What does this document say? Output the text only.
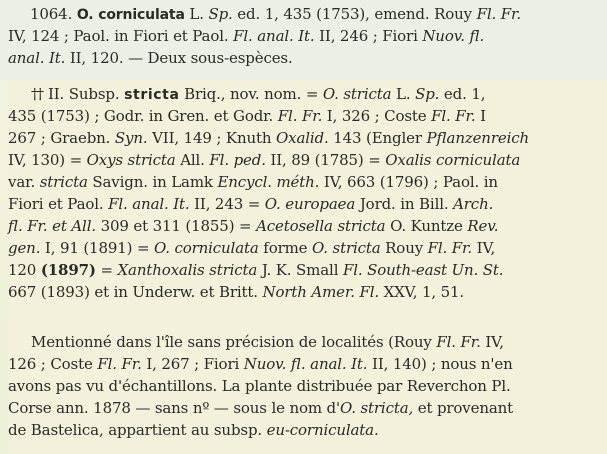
1064. O. corniculata L. Sp. ed. 1, 435 (1753), emend. Rouy Fl. Fr.
IV, 124 ; Paol. in Fiori et Paol. Fl. anal. It. II, 246 ; Fiori Nuov. fl.
anal. It. II, 120. — Deux sous-espèces.
†† II. Subsp. stricta Briq., nov. nom. = O. stricta L. Sp. ed. 1,
435 (1753) ; Godr. in Gren. et Godr. Fl. Fr. I, 326 ; Coste Fl. Fr. I
267 ; Graebn. Syn. VII, 149 ; Knuth Oxalid. 143 (Engler Pflanzenreich
IV, 130) = Oxys stricta All. Fl. ped. II, 89 (1785) = Oxalis corniculata
var. stricta Savign. in Lamk Encycl. méth. IV, 663 (1796) ; Paol. in
Fiori et Paol. Fl. anal. It. II, 243 = O. europaea Jord. in Bill. Arch.
fl. Fr. et All. 309 et 311 (1855) = Acetosella stricta O. Kuntze Rev.
gen. I, 91 (1891) = O. corniculata forme O. stricta Rouy Fl. Fr. IV,
120 (1897) = Xanthoxalis stricta J. K. Small Fl. South-east Un. St.
667 (1893) et in Underw. et Britt. North Amer. Fl. XXV, 1, 51.
Mentionné dans l'île sans précision de localités (Rouy Fl. Fr. IV,
126 ; Coste Fl. Fr. I, 267 ; Fiori Nuov. fl. anal. It. II, 140) ; nous n'en
avons pas vu d'échantillons. La plante distribuée par Reverchon Pl.
Corse ann. 1878 — sans nº — sous le nom d'O. stricta, et provenant
de Bastelica, appartient au subsp. eu-corniculata.
